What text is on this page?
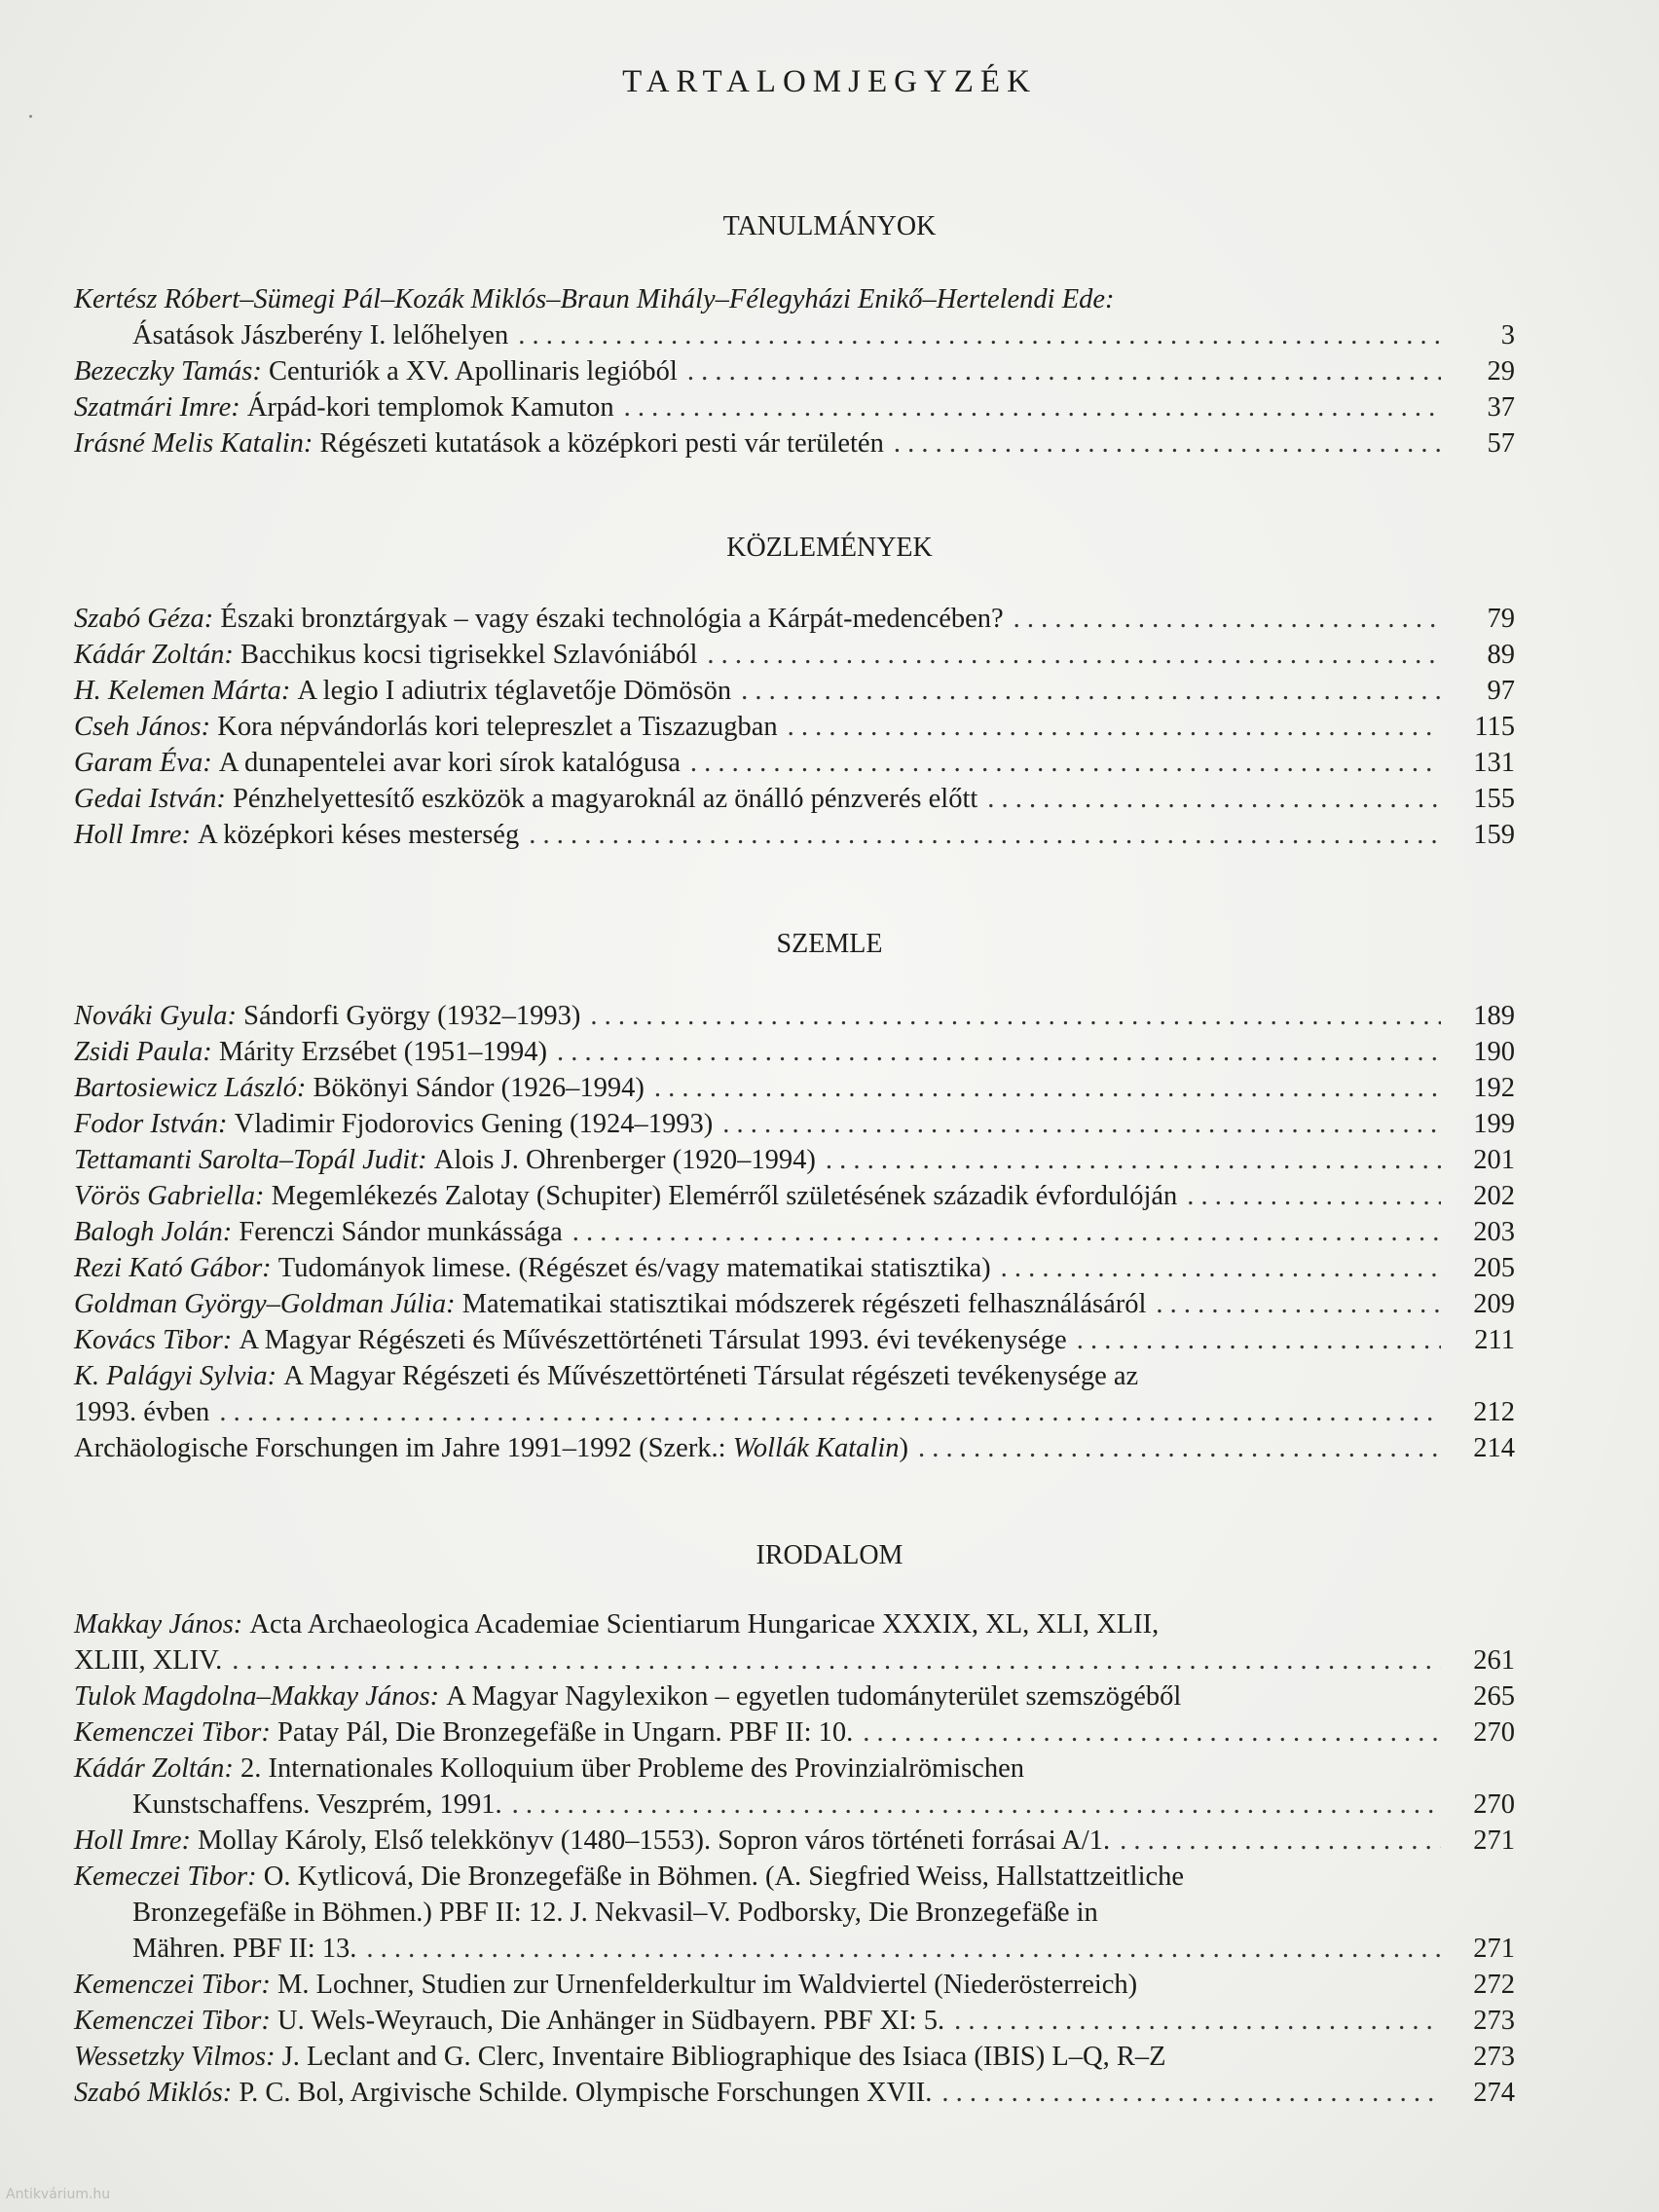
TARTALOMJEGYZÉK
TANULMÁNYOK
Kertész Róbert–Sümegi Pál–Kozák Miklós–Braun Mihály–Félegyházi Enikő–Hertelendi Ede:
Ásatások Jászberény I. lelőhelyen . . .	3
Bezeczky Tamás:
Centuriók a XV. Apollinaris legióból . . .	29
Szatmári Imre:
Árpád-kori templomok Kamuton . . .	37
Irásné Melis Katalin:
Régészeti kutatások a középkori pesti vár területén . . .	57
KÖZLEMÉNYEK
Szabó Géza:
Északi bronztárgyak – vagy északi technológia a Kárpát-medencében? . . .	79
Kádár Zoltán:
Bacchikus kocsi tigrisekkel Szlavóniából . . .	89
H. Kelemen Márta:
A legio I adiutrix téglavetője Dömösön . . .	97
Cseh János:
Kora népvándorlás kori telepreszlet a Tiszazugban . . .	115
Garam Éva:
A dunapentelei avar kori sírok katalógusa . . .	131
Gedai István:
Pénzhelyettesítő eszközök a magyaroknál az önálló pénzverés előtt . . .	155
Holl Imre:
A középkori késes mesterség . . .	159
SZEMLE
Nováki Gyula:
Sándorfi György (1932–1993) . . .	189
Zsidi Paula:
Márity Erzsébet (1951–1994) . . .	190
Bartosiewicz László:
Bökönyi Sándor (1926–1994) . . .	192
Fodor István:
Vladimir Fjodorovics Gening (1924–1993) . . .	199
Tettamanti Sarolta–Topál Judit:
Alois J. Ohrenberger (1920–1994) . . .	201
Vörös Gabriella:
Megemlékezés Zalotay (Schupiter) Elemérről születésének századik évfordulóján . . .	202
Balogh Jolán:
Ferenczi Sándor munkássága . . .	203
Rezi Kató Gábor:
Tudományok limese. (Régészet és/vagy matematikai statisztika) . . .	205
Goldman György–Goldman Júlia:
Matematikai statisztikai módszerek régészeti felhasználásáról . . .	209
Kovács Tibor:
A Magyar Régészeti és Művészettörténeti Társulat 1993. évi tevékenysége . . .	211
K. Palágyi Sylvia:
A Magyar Régészeti és Művészettörténeti Társulat régészeti tevékenysége az
1993. évben . . .	212
Archäologische Forschungen im Jahre 1991–1992 (Szerk.:
Wollák Katalin ) . . .	214
IRODALOM
Makkay János:
Acta Archaeologica Academiae Scientiarum Hungaricae XXXIX, XL, XLI, XLII,
XLIII, XLIV. . . .	261
Tulok Magdolna–Makkay János:
A Magyar Nagylexikon – egyetlen tudományterület szemszögéből	265
Kemenczei Tibor:
Patay Pál, Die Bronzegefäße in Ungarn. PBF II: 10. . . .	270
Kádár Zoltán:
2. Internationales Kolloquium über Probleme des Provinzialrömischen
Kunstschaffens. Veszprém, 1991. . . .	270
Holl Imre:
Mollay Károly, Első telekkönyv (1480–1553). Sopron város történeti forrásai A/1. . . .	271
Kemeczei Tibor:
O. Kytlicová, Die Bronzegefäße in Böhmen. (A. Siegfried Weiss, Hallstattzeitliche
Bronzegefäße in Böhmen.) PBF II: 12. J. Nekvasil–V. Podborsky, Die Bronzegefäße in
Mähren. PBF II: 13. . . .	271
Kemenczei Tibor:
M. Lochner, Studien zur Urnenfelderkultur im Waldviertel (Niederösterreich)	272
Kemenczei Tibor:
U. Wels-Weyrauch, Die Anhänger in Südbayern. PBF XI: 5. . . .	273
Wessetzky Vilmos:
J. Leclant and G. Clerc, Inventaire Bibliographique des Isiaca (IBIS) L–Q, R–Z	273
Szabó Miklós:
P. C. Bol, Argivische Schilde. Olympische Forschungen XVII. . . .	274
Antikvárium.hu
